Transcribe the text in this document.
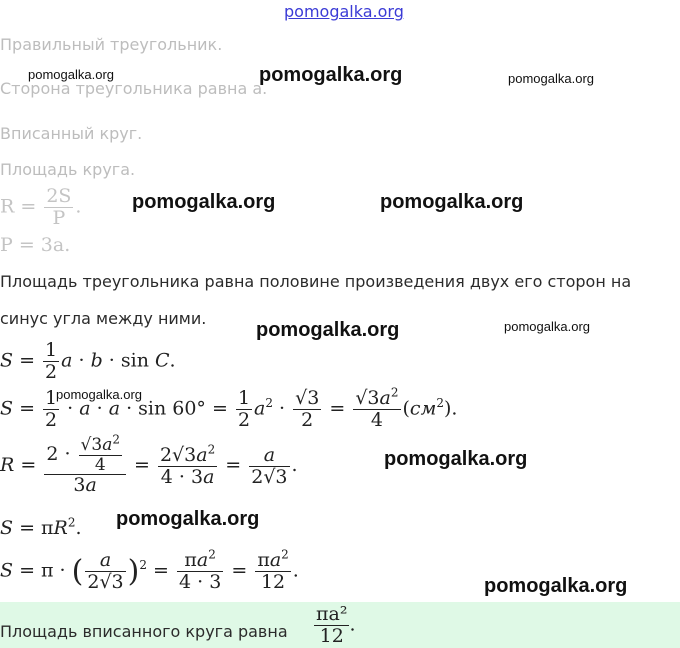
pomogalka.org
Правильный треугольник.
Сторона треугольника равна a.
Вписанный круг.
Площадь круга.
$R = \frac{2S}{P}$ .
P = 3a.
Площадь треугольника равна половине произведения двух его сторон на
синус угла между ними.
$S = \frac{1}{2}$ a · b · sin C.
$S = \frac{1}{2} \cdot a \cdot a \cdot \sin 60^\circ = \frac{1}{2} a^2 \cdot \frac{√3}{2} = \frac{√3a^2}{4} (см^2)$.
$R = \frac{2 \cdot \frac{√3a^2}{4}}{3a} = \frac{2√3a^2}{4 \cdot 3a} = \frac{a}{2√3}$ .
$S = \pi R^2$.
S = π · ( $\frac{a}{2√3} )^2 = \frac{\pi a^2}{4 \cdot 3} = \frac{\pi a^2}{12}$ .
Площадь вписанного круга равна $\frac{\text{πa²}}{12}$ .
pomogalka.org	pomogalka.org	pomogalka.org
pomogalka.org	pomogalka.org
pomogalka.org	pomogalka.org
pomogalka.org
pomogalka.org
pomogalka.org
pomogalka.org
